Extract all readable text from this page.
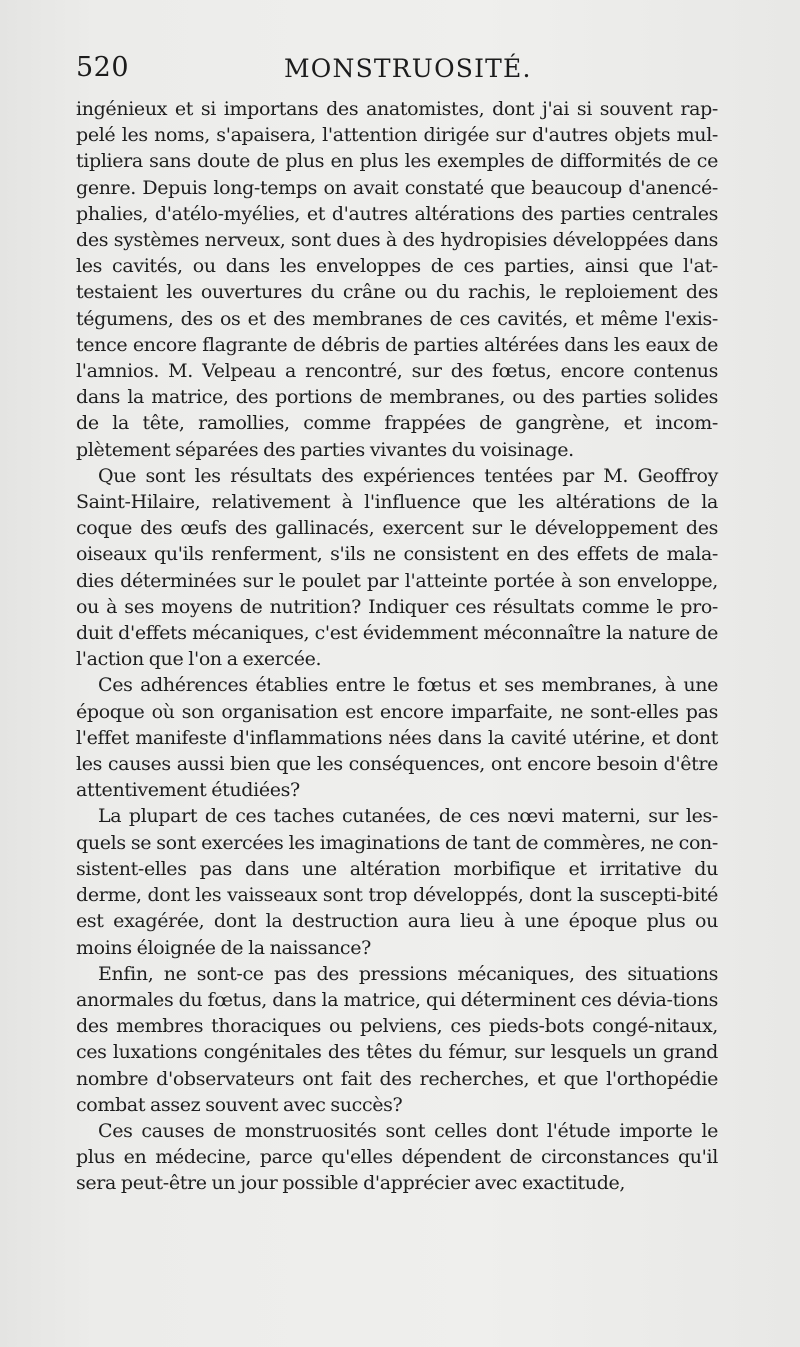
520	MONSTRUOSITÉ.

ingénieux et si importans des anatomistes, dont j'ai si souvent rap-pelé les noms, s'apaisera, l'attention dirigée sur d'autres objets mul-tipliera sans doute de plus en plus les exemples de difformités de ce genre. Depuis long-temps on avait constaté que beaucoup d'anencé-phalies, d'atélo-myélies, et d'autres altérations des parties centrales des systèmes nerveux, sont dues à des hydropisies développées dans les cavités, ou dans les enveloppes de ces parties, ainsi que l'at-testaient les ouvertures du crâne ou du rachis, le reploiement des tégumens, des os et des membranes de ces cavités, et même l'exis-tence encore flagrante de débris de parties altérées dans les eaux de l'amnios. M. Velpeau a rencontré, sur des fœtus, encore contenus dans la matrice, des portions de membranes, ou des parties solides de la tête, ramollies, comme frappées de gangrène, et incom-plètement séparées des parties vivantes du voisinage.

Que sont les résultats des expériences tentées par M. Geoffroy Saint-Hilaire, relativement à l'influence que les altérations de la coque des œufs des gallinacés, exercent sur le développement des oiseaux qu'ils renferment, s'ils ne consistent en des effets de mala-dies déterminées sur le poulet par l'atteinte portée à son enveloppe, ou à ses moyens de nutrition? Indiquer ces résultats comme le pro-duit d'effets mécaniques, c'est évidemment méconnaître la nature de l'action que l'on a exercée.

Ces adhérences établies entre le fœtus et ses membranes, à une époque où son organisation est encore imparfaite, ne sont-elles pas l'effet manifeste d'inflammations nées dans la cavité utérine, et dont les causes aussi bien que les conséquences, ont encore besoin d'être attentivement étudiées?

La plupart de ces taches cutanées, de ces nœvi materni, sur les-quels se sont exercées les imaginations de tant de commères, ne con-sistent-elles pas dans une altération morbifique et irritative du derme, dont les vaisseaux sont trop développés, dont la suscepti-bité est exagérée, dont la destruction aura lieu à une époque plus ou moins éloignée de la naissance?

Enfin, ne sont-ce pas des pressions mécaniques, des situations anormales du fœtus, dans la matrice, qui déterminent ces dévia-tions des membres thoraciques ou pelviens, ces pieds-bots congé-nitaux, ces luxations congénitales des têtes du fémur, sur lesquels un grand nombre d'observateurs ont fait des recherches, et que l'orthopédie combat assez souvent avec succès?

Ces causes de monstruosités sont celles dont l'étude importe le plus en médecine, parce qu'elles dépendent de circonstances qu'il sera peut-être un jour possible d'apprécier avec exactitude,
